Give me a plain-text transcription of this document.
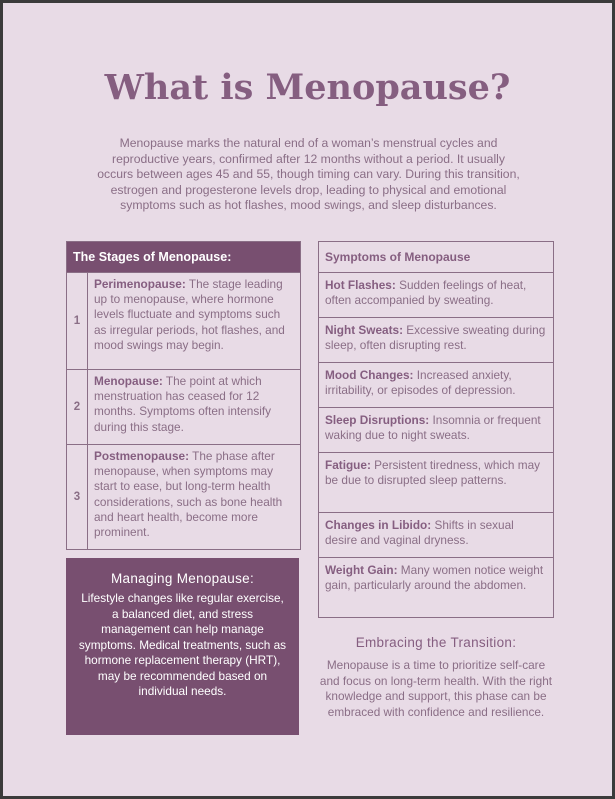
What is Menopause?
Menopause marks the natural end of a woman’s menstrual cycles and reproductive years, confirmed after 12 months without a period. It usually occurs between ages 45 and 55, though timing can vary. During this transition, estrogen and progesterone levels drop, leading to physical and emotional symptoms such as hot flashes, mood swings, and sleep disturbances.
The Stages of Menopause:
1
Perimenopause: The stage leading up to menopause, where hormone levels fluctuate and symptoms such as irregular periods, hot flashes, and mood swings may begin.
2
Menopause: The point at which menstruation has ceased for 12 months. Symptoms often intensify during this stage.
3
Postmenopause: The phase after menopause, when symptoms may start to ease, but long-term health considerations, such as bone health and heart health, become more prominent.
Managing Menopause:
Lifestyle changes like regular exercise, a balanced diet, and stress management can help manage symptoms. Medical treatments, such as hormone replacement therapy (HRT), may be recommended based on individual needs.
Symptoms of Menopause
Hot Flashes: Sudden feelings of heat, often accompanied by sweating.
Night Sweats: Excessive sweating during sleep, often disrupting rest.
Mood Changes: Increased anxiety, irritability, or episodes of depression.
Sleep Disruptions: Insomnia or frequent waking due to night sweats.
Fatigue: Persistent tiredness, which may be due to disrupted sleep patterns.
Changes in Libido: Shifts in sexual desire and vaginal dryness.
Weight Gain: Many women notice weight gain, particularly around the abdomen.
Embracing the Transition:
Menopause is a time to prioritize self-care and focus on long-term health. With the right knowledge and support, this phase can be embraced with confidence and resilience.
